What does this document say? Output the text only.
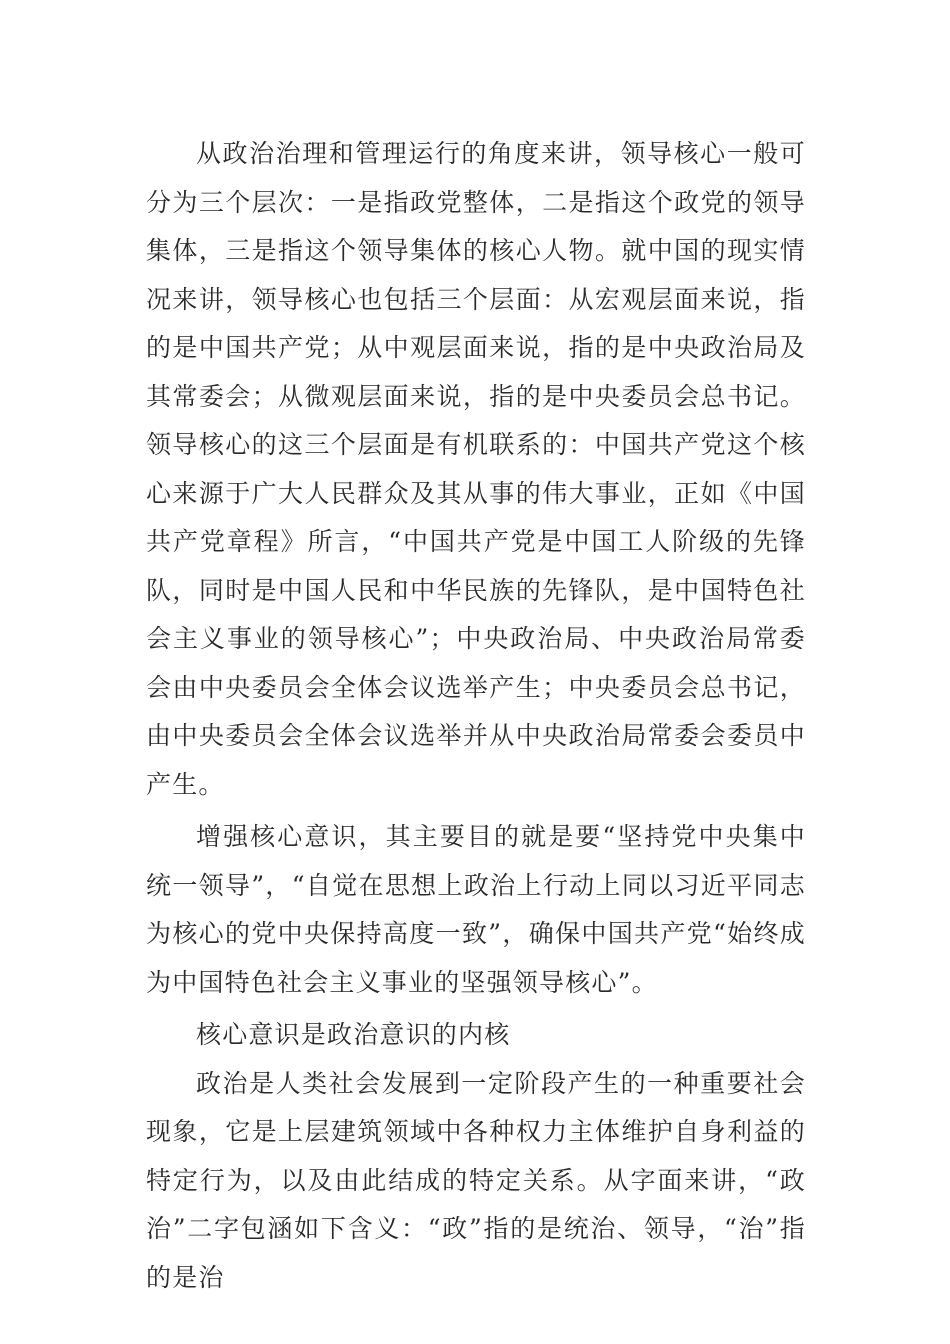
从政治治理和管理运行的角度来讲，领导核心一般可分为三个层次：一是指政党整体，二是指这个政党的领导集体，三是指这个领导集体的核心人物。就中国的现实情况来讲，领导核心也包括三个层面：从宏观层面来说，指的是中国共产党；从中观层面来说，指的是中央政治局及其常委会；从微观层面来说，指的是中央委员会总书记。领导核心的这三个层面是有机联系的：中国共产党这个核心来源于广大人民群众及其从事的伟大事业，正如《中国共产党章程》所言，“中国共产党是中国工人阶级的先锋队，同时是中国人民和中华民族的先锋队，是中国特色社会主义事业的领导核心”；中央政治局、中央政治局常委会由中央委员会全体会议选举产生；中央委员会总书记，由中央委员会全体会议选举并从中央政治局常委会委员中产生。

增强核心意识，其主要目的就是要“坚持党中央集中统一领导”，“自觉在思想上政治上行动上同以习近平同志为核心的党中央保持高度一致”，确保中国共产党“始终成为中国特色社会主义事业的坚强领导核心”。

核心意识是政治意识的内核

政治是人类社会发展到一定阶段产生的一种重要社会现象，它是上层建筑领域中各种权力主体维护自身利益的特定行为，以及由此结成的特定关系。从字面来讲，“政治”二字包涵如下含义：“政”指的是统治、领导，“治”指的是治
